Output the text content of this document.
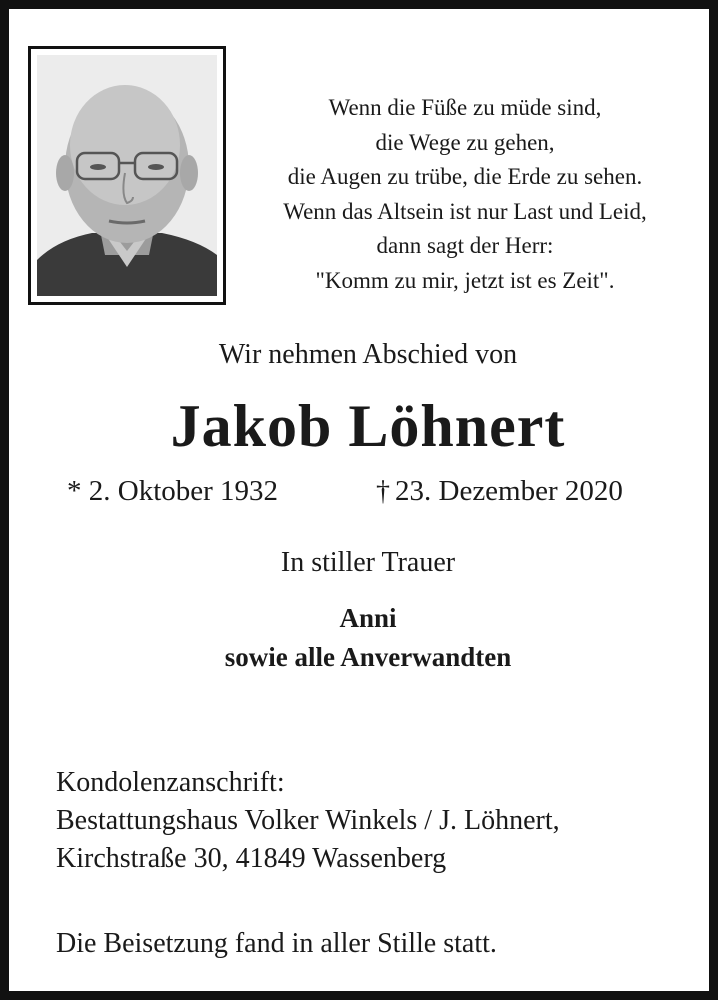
Wenn die Füße zu müde sind,
die Wege zu gehen,
die Augen zu trübe, die Erde zu sehen.
Wenn das Altsein ist nur Last und Leid,
dann sagt der Herr:
"Komm zu mir, jetzt ist es Zeit".
Wir nehmen Abschied von
Jakob Löhnert
* 2. Oktober 1932	† 23. Dezember 2020
In stiller Trauer
Anni
sowie alle Anverwandten
Kondolenzanschrift:
Bestattungshaus Volker Winkels / J. Löhnert,
Kirchstraße 30, 41849 Wassenberg
Die Beisetzung fand in aller Stille statt.
